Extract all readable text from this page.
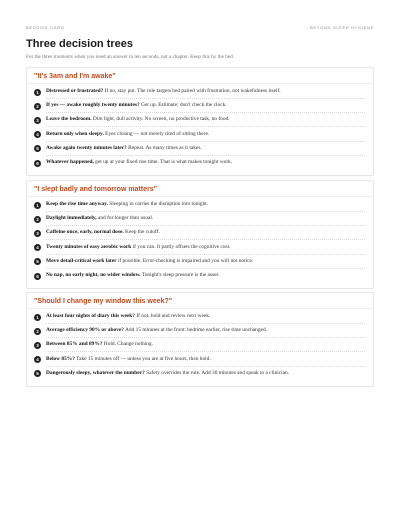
BEDSIDE CARD	· BEYOND SLEEP HYGIENE
Three decision trees
For the three moments when you need an answer in ten seconds, not a chapter. Keep this by the bed.
"It's 3am and I'm awake"
1	Distressed or frustrated? If no, stay put. The rule targets bed paired with frustration, not wakefulness itself.
2	If yes — awake roughly twenty minutes? Get up. Estimate; don't check the clock.
3	Leave the bedroom. Dim light, dull activity. No screen, no productive task, no food.
4	Return only when sleepy. Eyes closing — not merely tired of sitting there.
5	Awake again twenty minutes later? Repeat. As many times as it takes.
6	Whatever happened, get up at your fixed rise time. That is what makes tonight work.
"I slept badly and tomorrow matters"
1	Keep the rise time anyway. Sleeping in carries the disruption into tonight.
2	Daylight immediately, and for longer than usual.
3	Caffeine once, early, normal dose. Keep the cutoff.
4	Twenty minutes of easy aerobic work if you can. It partly offsets the cognitive cost.
5	Move detail-critical work later if possible. Error-checking is impaired and you will not notice.
6	No nap, no early night, no wider window. Tonight's sleep pressure is the asset.
"Should I change my window this week?"
1	At least four nights of diary this week? If not, hold and review next week.
2	Average efficiency 90% or above? Add 15 minutes at the front: bedtime earlier, rise time unchanged.
3	Between 85% and 89%? Hold. Change nothing.
4	Below 85%? Take 15 minutes off — unless you are at five hours, then hold.
5	Dangerously sleepy, whatever the number? Safety overrides the rule. Add 30 minutes and speak to a clinician.
